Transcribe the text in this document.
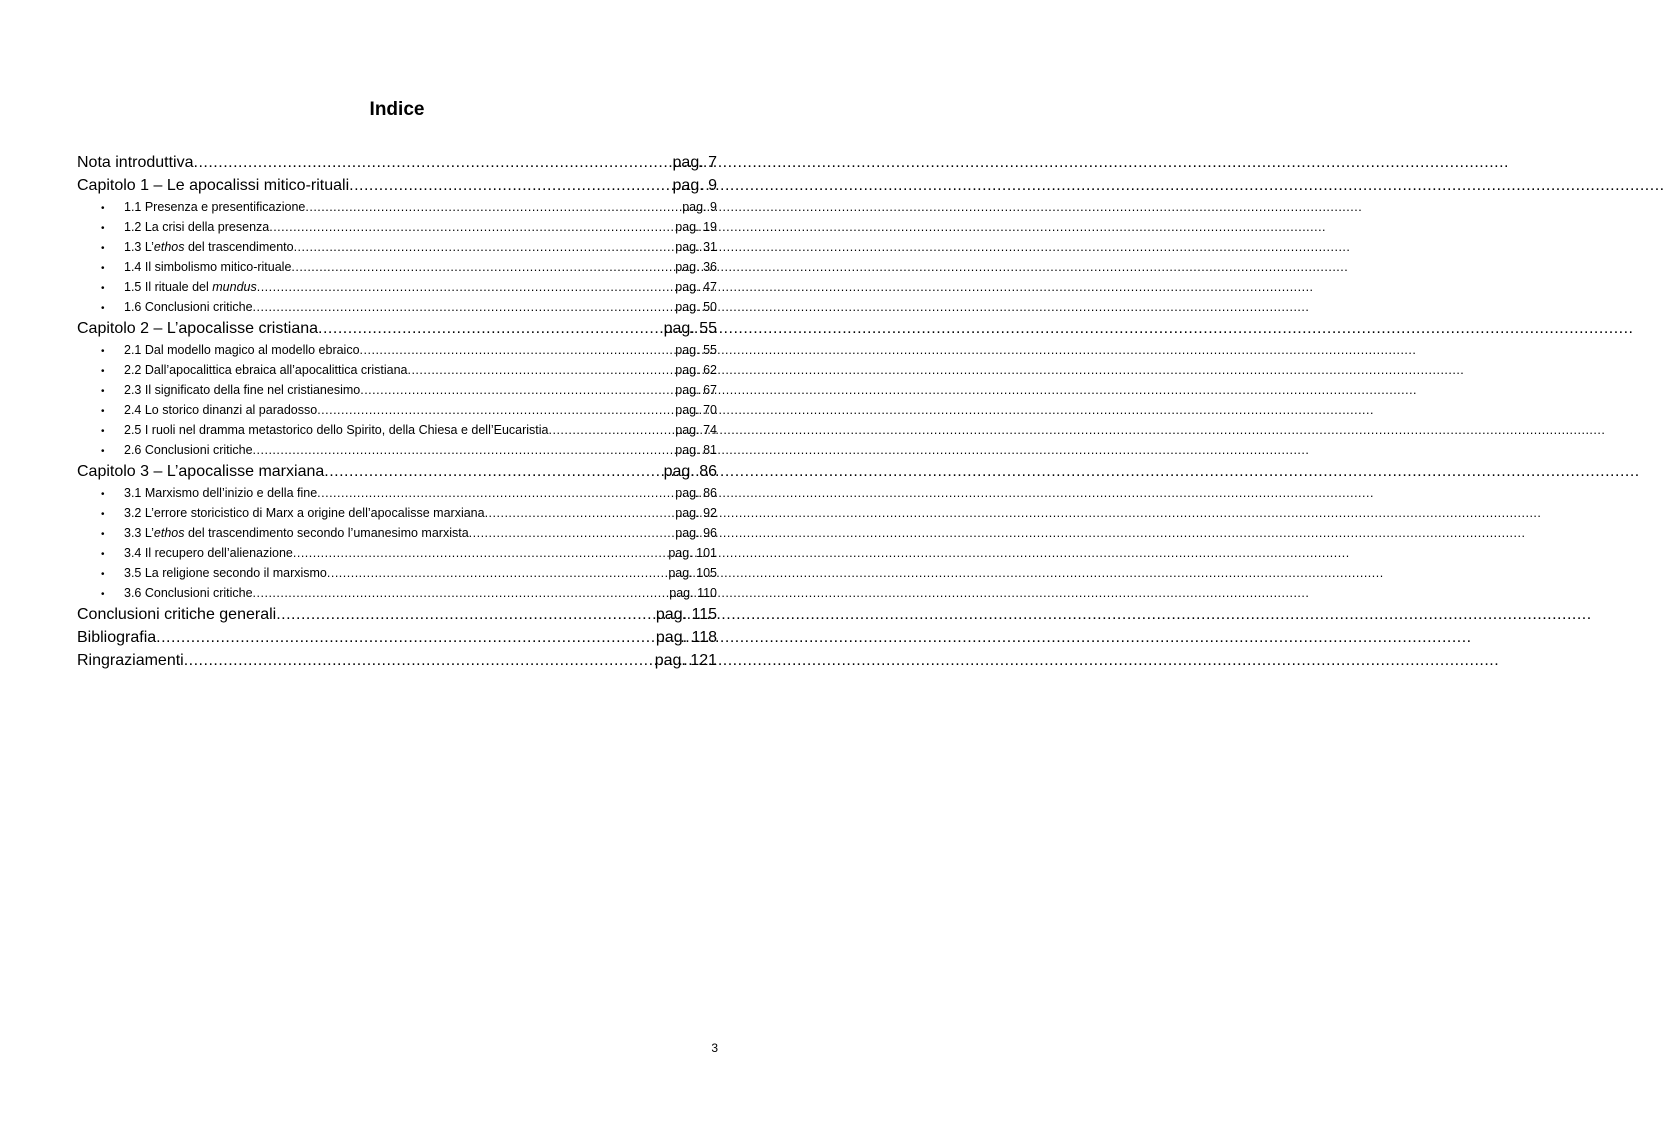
Indice
Nota introduttiva .....	pag. 7
Capitolo 1 – Le apocalissi mitico-rituali .....	pag. 9
•	1.1 Presenza e presentificazione .....	pag. 9
•	1.2 La crisi della presenza .....	pag. 19
•	1.3 L’ethos del trascendimento .....	pag. 31
•	1.4 Il simbolismo mitico-rituale .....	pag. 36
•	1.5 Il rituale del mundus .....	pag. 47
•	1.6 Conclusioni critiche .....	pag. 50
Capitolo 2 – L’apocalisse cristiana .....	pag. 55
•	2.1 Dal modello magico al modello ebraico .....	pag. 55
•	2.2 Dall’apocalittica ebraica all’apocalittica cristiana .....	pag. 62
•	2.3 Il significato della fine nel cristianesimo .....	pag. 67
•	2.4 Lo storico dinanzi al paradosso .....	pag. 70
•	2.5 I ruoli nel dramma metastorico dello Spirito, della Chiesa e dell’Eucaristia .....	pag. 74
•	2.6 Conclusioni critiche .....	pag. 81
Capitolo 3 – L’apocalisse marxiana .....	pag. 86
•	3.1 Marxismo dell’inizio e della fine .....	pag. 86
•	3.2 L’errore storicistico di Marx a origine dell’apocalisse marxiana .....	pag. 92
•	3.3 L’ethos del trascendimento secondo l’umanesimo marxista .....	pag. 96
•	3.4 Il recupero dell’alienazione .....	pag. 101
•	3.5 La religione secondo il marxismo .....	pag. 105
•	3.6 Conclusioni critiche .....	pag. 110
Conclusioni critiche generali .....	pag. 115
Bibliografia .....	pag. 118
Ringraziamenti .....	pag. 121
3
